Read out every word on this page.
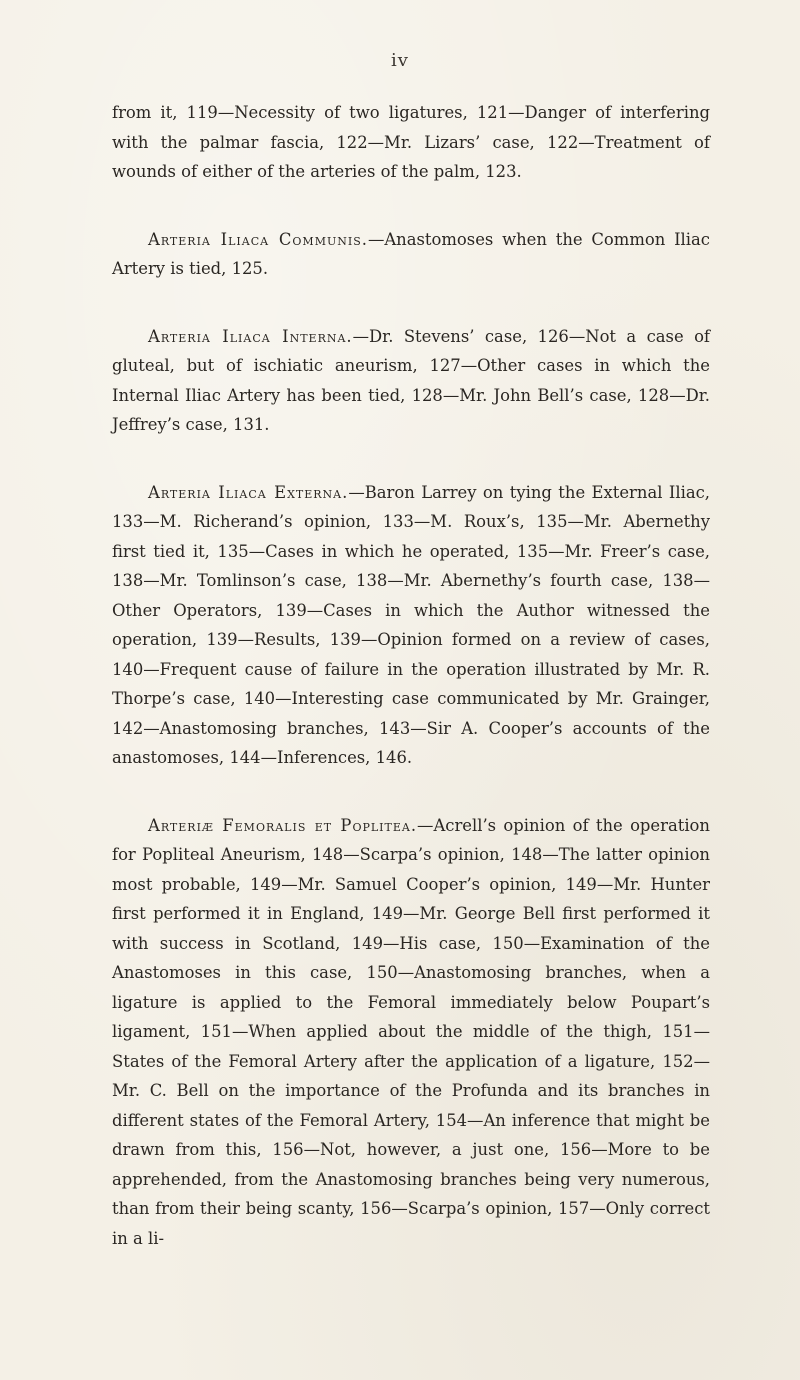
iv

from it, 119—Necessity of two ligatures, 121—Danger of interfering with the palmar fascia, 122—Mr. Lizars’ case, 122—Treatment of wounds of either of the arteries of the palm, 123.

Arteria Iliaca Communis.—Anastomoses when the Common Iliac Artery is tied, 125.

Arteria Iliaca Interna.—Dr. Stevens’ case, 126—Not a case of gluteal, but of ischiatic aneurism, 127—Other cases in which the Internal Iliac Artery has been tied, 128—Mr. John Bell’s case, 128—Dr. Jeffrey’s case, 131.

Arteria Iliaca Externa.—Baron Larrey on tying the External Iliac, 133—M. Richerand’s opinion, 133—M. Roux’s, 135—Mr. Abernethy first tied it, 135—Cases in which he operated, 135—Mr. Freer’s case, 138—Mr. Tomlinson’s case, 138—Mr. Abernethy’s fourth case, 138—Other Operators, 139—Cases in which the Author witnessed the operation, 139—Results, 139—Opinion formed on a review of cases, 140—Frequent cause of failure in the operation illustrated by Mr. R. Thorpe’s case, 140—Interesting case communicated by Mr. Grainger, 142—Anastomosing branches, 143—Sir A. Cooper’s accounts of the anastomoses, 144—Inferences, 146.

Arteriæ Femoralis et Poplitea.—Acrell’s opinion of the operation for Popliteal Aneurism, 148—Scarpa’s opinion, 148—The latter opinion most probable, 149—Mr. Samuel Cooper’s opinion, 149—Mr. Hunter first performed it in England, 149—Mr. George Bell first performed it with success in Scotland, 149—His case, 150—Examination of the Anastomoses in this case, 150—Anastomosing branches, when a ligature is applied to the Femoral immediately below Poupart’s ligament, 151—When applied about the middle of the thigh, 151—States of the Femoral Artery after the application of a ligature, 152—Mr. C. Bell on the importance of the Profunda and its branches in different states of the Femoral Artery, 154—An inference that might be drawn from this, 156—Not, however, a just one, 156—More to be apprehended, from the Anastomosing branches being very numerous, than from their being scanty, 156—Scarpa’s opinion, 157—Only correct in a li-
